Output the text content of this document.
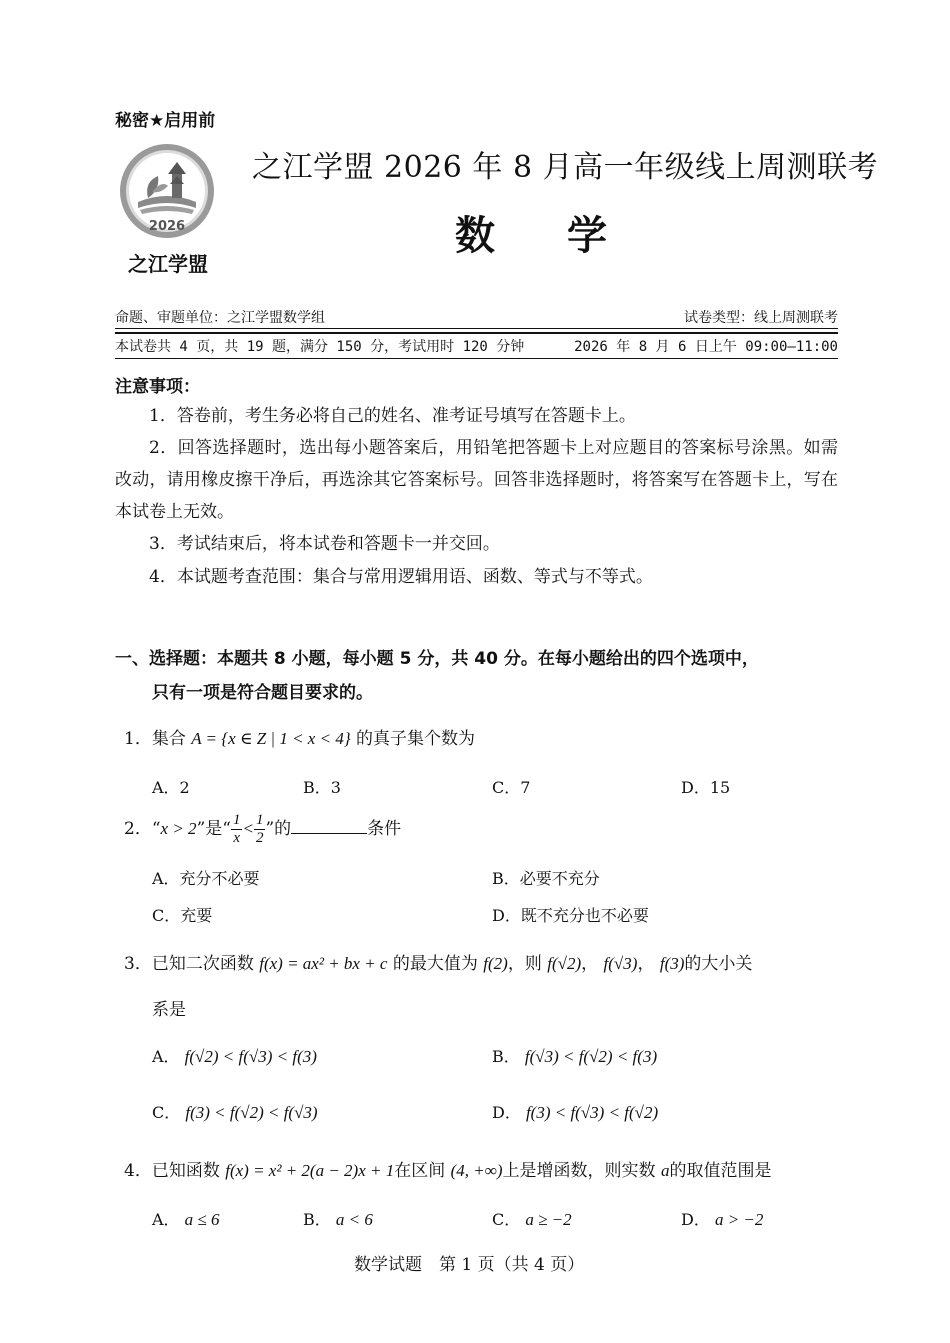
秘密★启用前
2026
之江学盟
之江学盟 2026 年 8 月高一年级线上周测联考
数 学
命题、审题单位：之江学盟数学组	试卷类型：线上周测联考
本试卷共 4 页，共 19 题，满分 150 分，考试用时 120 分钟	2026 年 8 月 6 日上午 09:00—11:00
注意事项：
1．答卷前，考生务必将自己的姓名、准考证号填写在答题卡上。
2．回答选择题时，选出每小题答案后，用铅笔把答题卡上对应题目的答案标号涂黑。如需改动，请用橡皮擦干净后，再选涂其它答案标号。回答非选择题时，将答案写在答题卡上，写在本试卷上无效。
3．考试结束后，将本试卷和答题卡一并交回。
4．本试题考查范围：集合与常用逻辑用语、函数、等式与不等式。
一、选择题：本题共 8 小题，每小题 5 分，共 40 分。在每小题给出的四个选项中，
只有一项是符合题目要求的。
1．集合 A = {x ∈ Z | 1 < x < 4} 的真子集个数为
A．2	B．3	C．7	D．15
2．“x > 2”是“ $\frac{1}{x} < \frac{1}{2}$ ”的	条件
A．充分不必要	B．必要不充分
C．充要	D．既不充分也不必要
3．已知二次函数 f(x) = ax² + bx + c 的最大值为 f(2)，则 f(√2)， f(√3)， f(3)的大小关
系是
A． f(√2) < f(√3) < f(3)	B． f(√3) < f(√2) < f(3)
C． f(3) < f(√2) < f(√3)	D． f(3) < f(√3) < f(√2)
4．已知函数 f(x) = x² + 2(a − 2)x + 1在区间 (4, +∞)上是增函数，则实数 a的取值范围是
A． a ≤ 6	B． a < 6	C． a ≥ −2	D． a > −2
数学试题　第 1 页（共 4 页）
